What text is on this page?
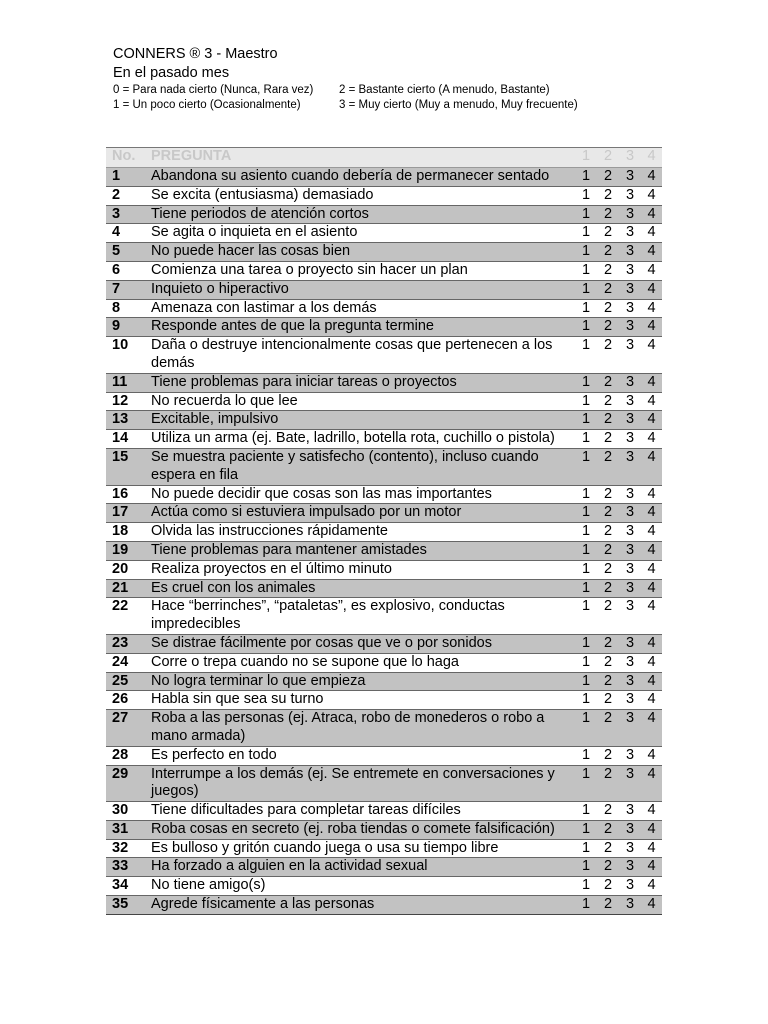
CONNERS ® 3 - Maestro
En el pasado mes
0 = Para nada cierto (Nunca, Rara vez) 2 = Bastante cierto (A menudo, Bastante)
1 = Un poco cierto (Ocasionalmente)	3 = Muy cierto (Muy a menudo, Muy frecuente)
No.	PREGUNTA	1	2	3	4
1	Abandona su asiento cuando debería de permanecer sentado	1	2	3	4
2	Se excita (entusiasma) demasiado	1	2	3	4
3	Tiene periodos de atención cortos	1	2	3	4
4	Se agita o inquieta en el asiento	1	2	3	4
5	No puede hacer las cosas bien	1	2	3	4
6	Comienza una tarea o proyecto sin hacer un plan	1	2	3	4
7	Inquieto o hiperactivo	1	2	3	4
8	Amenaza con lastimar a los demás	1	2	3	4
9	Responde antes de que la pregunta termine	1	2	3	4
10	Daña o destruye intencionalmente cosas que pertenecen a los demás	1	2	3	4
11	Tiene problemas para iniciar tareas o proyectos	1	2	3	4
12	No recuerda lo que lee	1	2	3	4
13	Excitable, impulsivo	1	2	3	4
14	Utiliza un arma (ej. Bate, ladrillo, botella rota, cuchillo o pistola)	1	2	3	4
15	Se muestra paciente y satisfecho (contento), incluso cuando espera en fila	1	2	3	4
16	No puede decidir que cosas son las mas importantes	1	2	3	4
17	Actúa como si estuviera impulsado por un motor	1	2	3	4
18	Olvida las instrucciones rápidamente	1	2	3	4
19	Tiene problemas para mantener amistades	1	2	3	4
20	Realiza proyectos en el último minuto	1	2	3	4
21	Es cruel con los animales	1	2	3	4
22	Hace “berrinches”, “pataletas”, es explosivo, conductas impredecibles	1	2	3	4
23	Se distrae fácilmente por cosas que ve o por sonidos	1	2	3	4
24	Corre o trepa cuando no se supone que lo haga	1	2	3	4
25	No logra terminar lo que empieza	1	2	3	4
26	Habla sin que sea su turno	1	2	3	4
27	Roba a las personas (ej. Atraca, robo de monederos o robo a mano armada)	1	2	3	4
28	Es perfecto en todo	1	2	3	4
29	Interrumpe a los demás (ej. Se entremete en conversaciones y juegos)	1	2	3	4
30	Tiene dificultades para completar tareas difíciles	1	2	3	4
31	Roba cosas en secreto (ej. roba tiendas o comete falsificación)	1	2	3	4
32	Es bulloso y gritón cuando juega o usa su tiempo libre	1	2	3	4
33	Ha forzado a alguien en la actividad sexual	1	2	3	4
34	No tiene amigo(s)	1	2	3	4
35	Agrede físicamente a las personas	1	2	3	4
